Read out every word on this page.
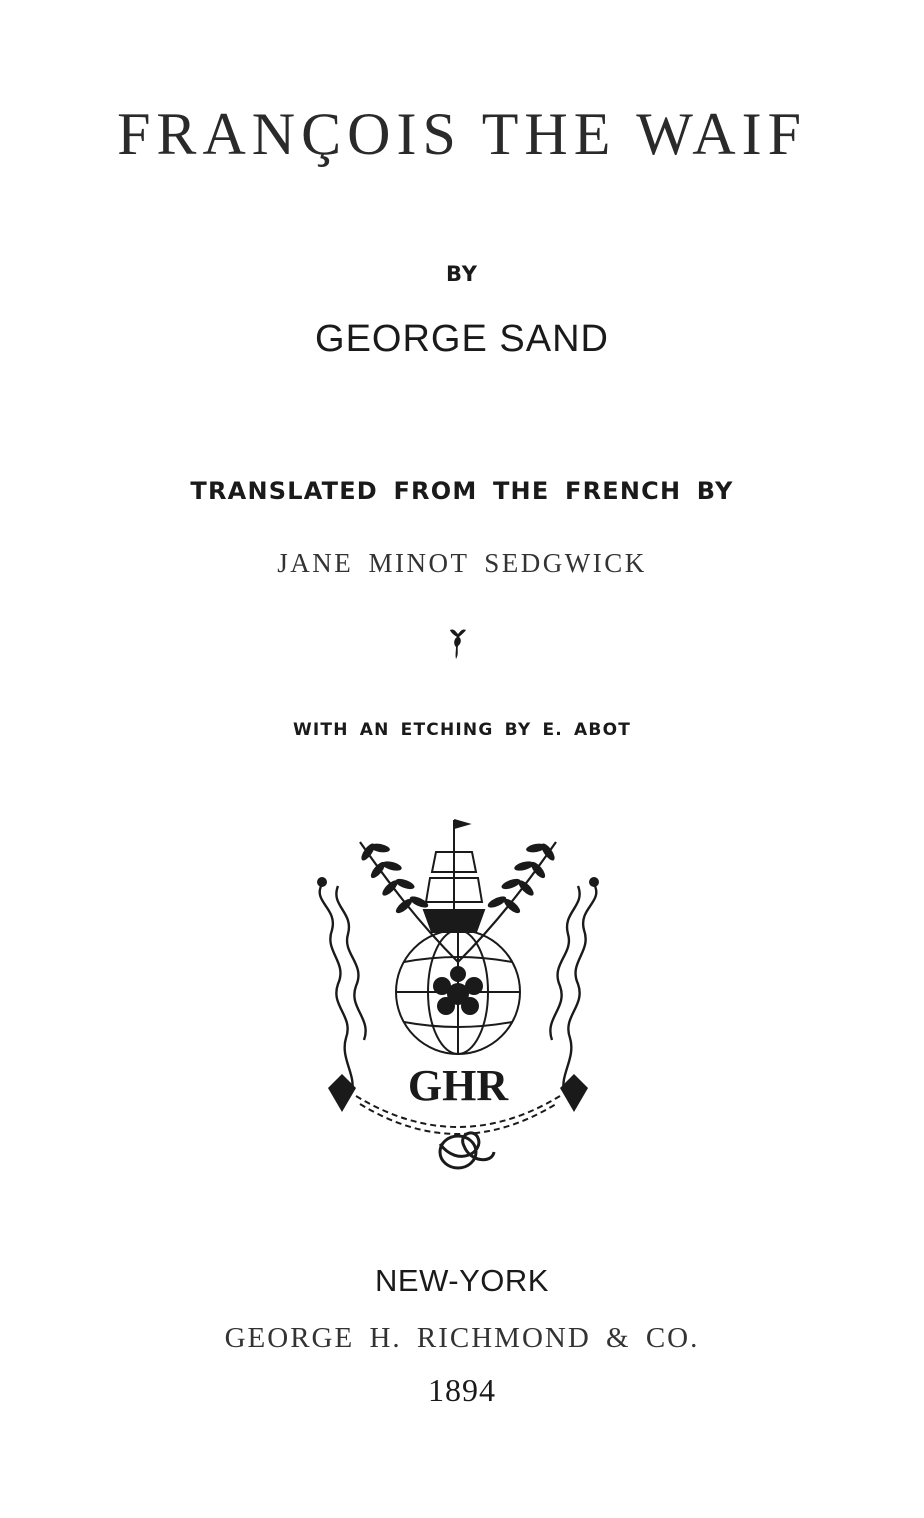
FRANÇOIS THE WAIF

BY

GEORGE SAND

TRANSLATED FROM THE FRENCH BY

JANE MINOT SEDGWICK

WITH AN ETCHING BY E. ABOT

GHR

NEW-YORK

GEORGE H. RICHMOND & CO.

1894
